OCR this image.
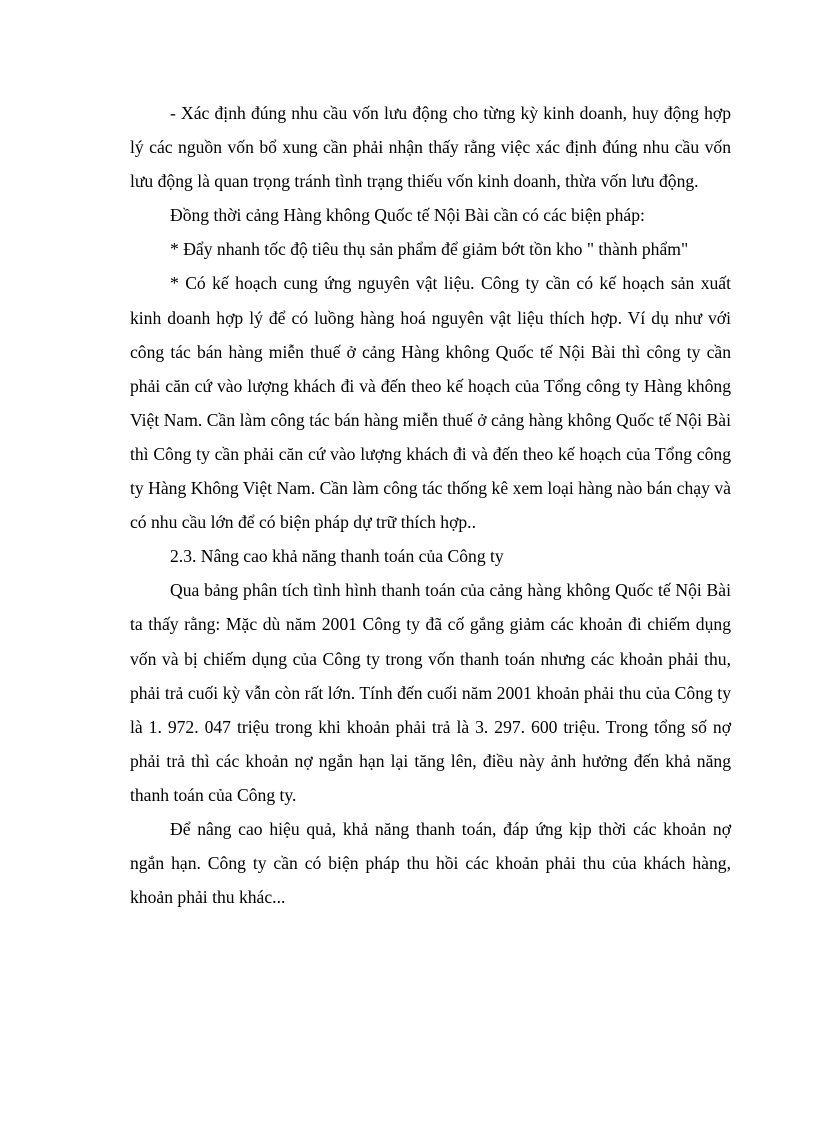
- Xác định đúng nhu cầu vốn lưu động cho từng kỳ kinh doanh, huy động hợp lý các nguồn vốn bổ xung cần phải nhận thấy rằng việc xác định đúng nhu cầu vốn lưu động là quan trọng tránh tình trạng thiếu vốn kinh doanh, thừa vốn lưu động.

Đồng thời cảng Hàng không Quốc tế Nội Bài cần có các biện pháp:

* Đẩy nhanh tốc độ tiêu thụ sản phẩm để giảm bớt tồn kho " thành phẩm"

* Có kế hoạch cung ứng nguyên vật liệu. Công ty cần có kế hoạch sản xuất kinh doanh hợp lý để có luồng hàng hoá nguyên vật liệu thích hợp. Ví dụ như với công tác bán hàng miễn thuế ở cảng Hàng không Quốc tế Nội Bài thì công ty cần phải căn cứ vào lượng khách đi và đến theo kế hoạch của Tổng công ty Hàng không Việt Nam. Cần làm công tác bán hàng miễn thuế ở cảng hàng không Quốc tế Nội Bài thì Công ty cần phải căn cứ vào lượng khách đi và đến theo kế hoạch của Tổng công ty Hàng Không Việt Nam. Cần làm công tác thống kê xem loại hàng nào bán chạy và có nhu cầu lớn để có biện pháp dự trữ thích hợp..

2.3. Nâng cao khả năng thanh toán của Công ty

Qua bảng phân tích tình hình thanh toán của cảng hàng không Quốc tế Nội Bài ta thấy rằng: Mặc dù năm 2001 Công ty đã cố gắng giảm các khoản đi chiếm dụng vốn và bị chiếm dụng của Công ty trong vốn thanh toán nhưng các khoản phải thu, phải trả cuối kỳ vẫn còn rất lớn. Tính đến cuối năm 2001 khoản phải thu của Công ty là 1. 972. 047 triệu trong khi khoản phải trả là 3. 297. 600 triệu. Trong tổng số nợ phải trả thì các khoản nợ ngắn hạn lại tăng lên, điều này ảnh hưởng đến khả năng thanh toán của Công ty.

Để nâng cao hiệu quả, khả năng thanh toán, đáp ứng kịp thời các khoản nợ ngắn hạn. Công ty cần có biện pháp thu hồi các khoản phải thu của khách hàng, khoản phải thu khác...
